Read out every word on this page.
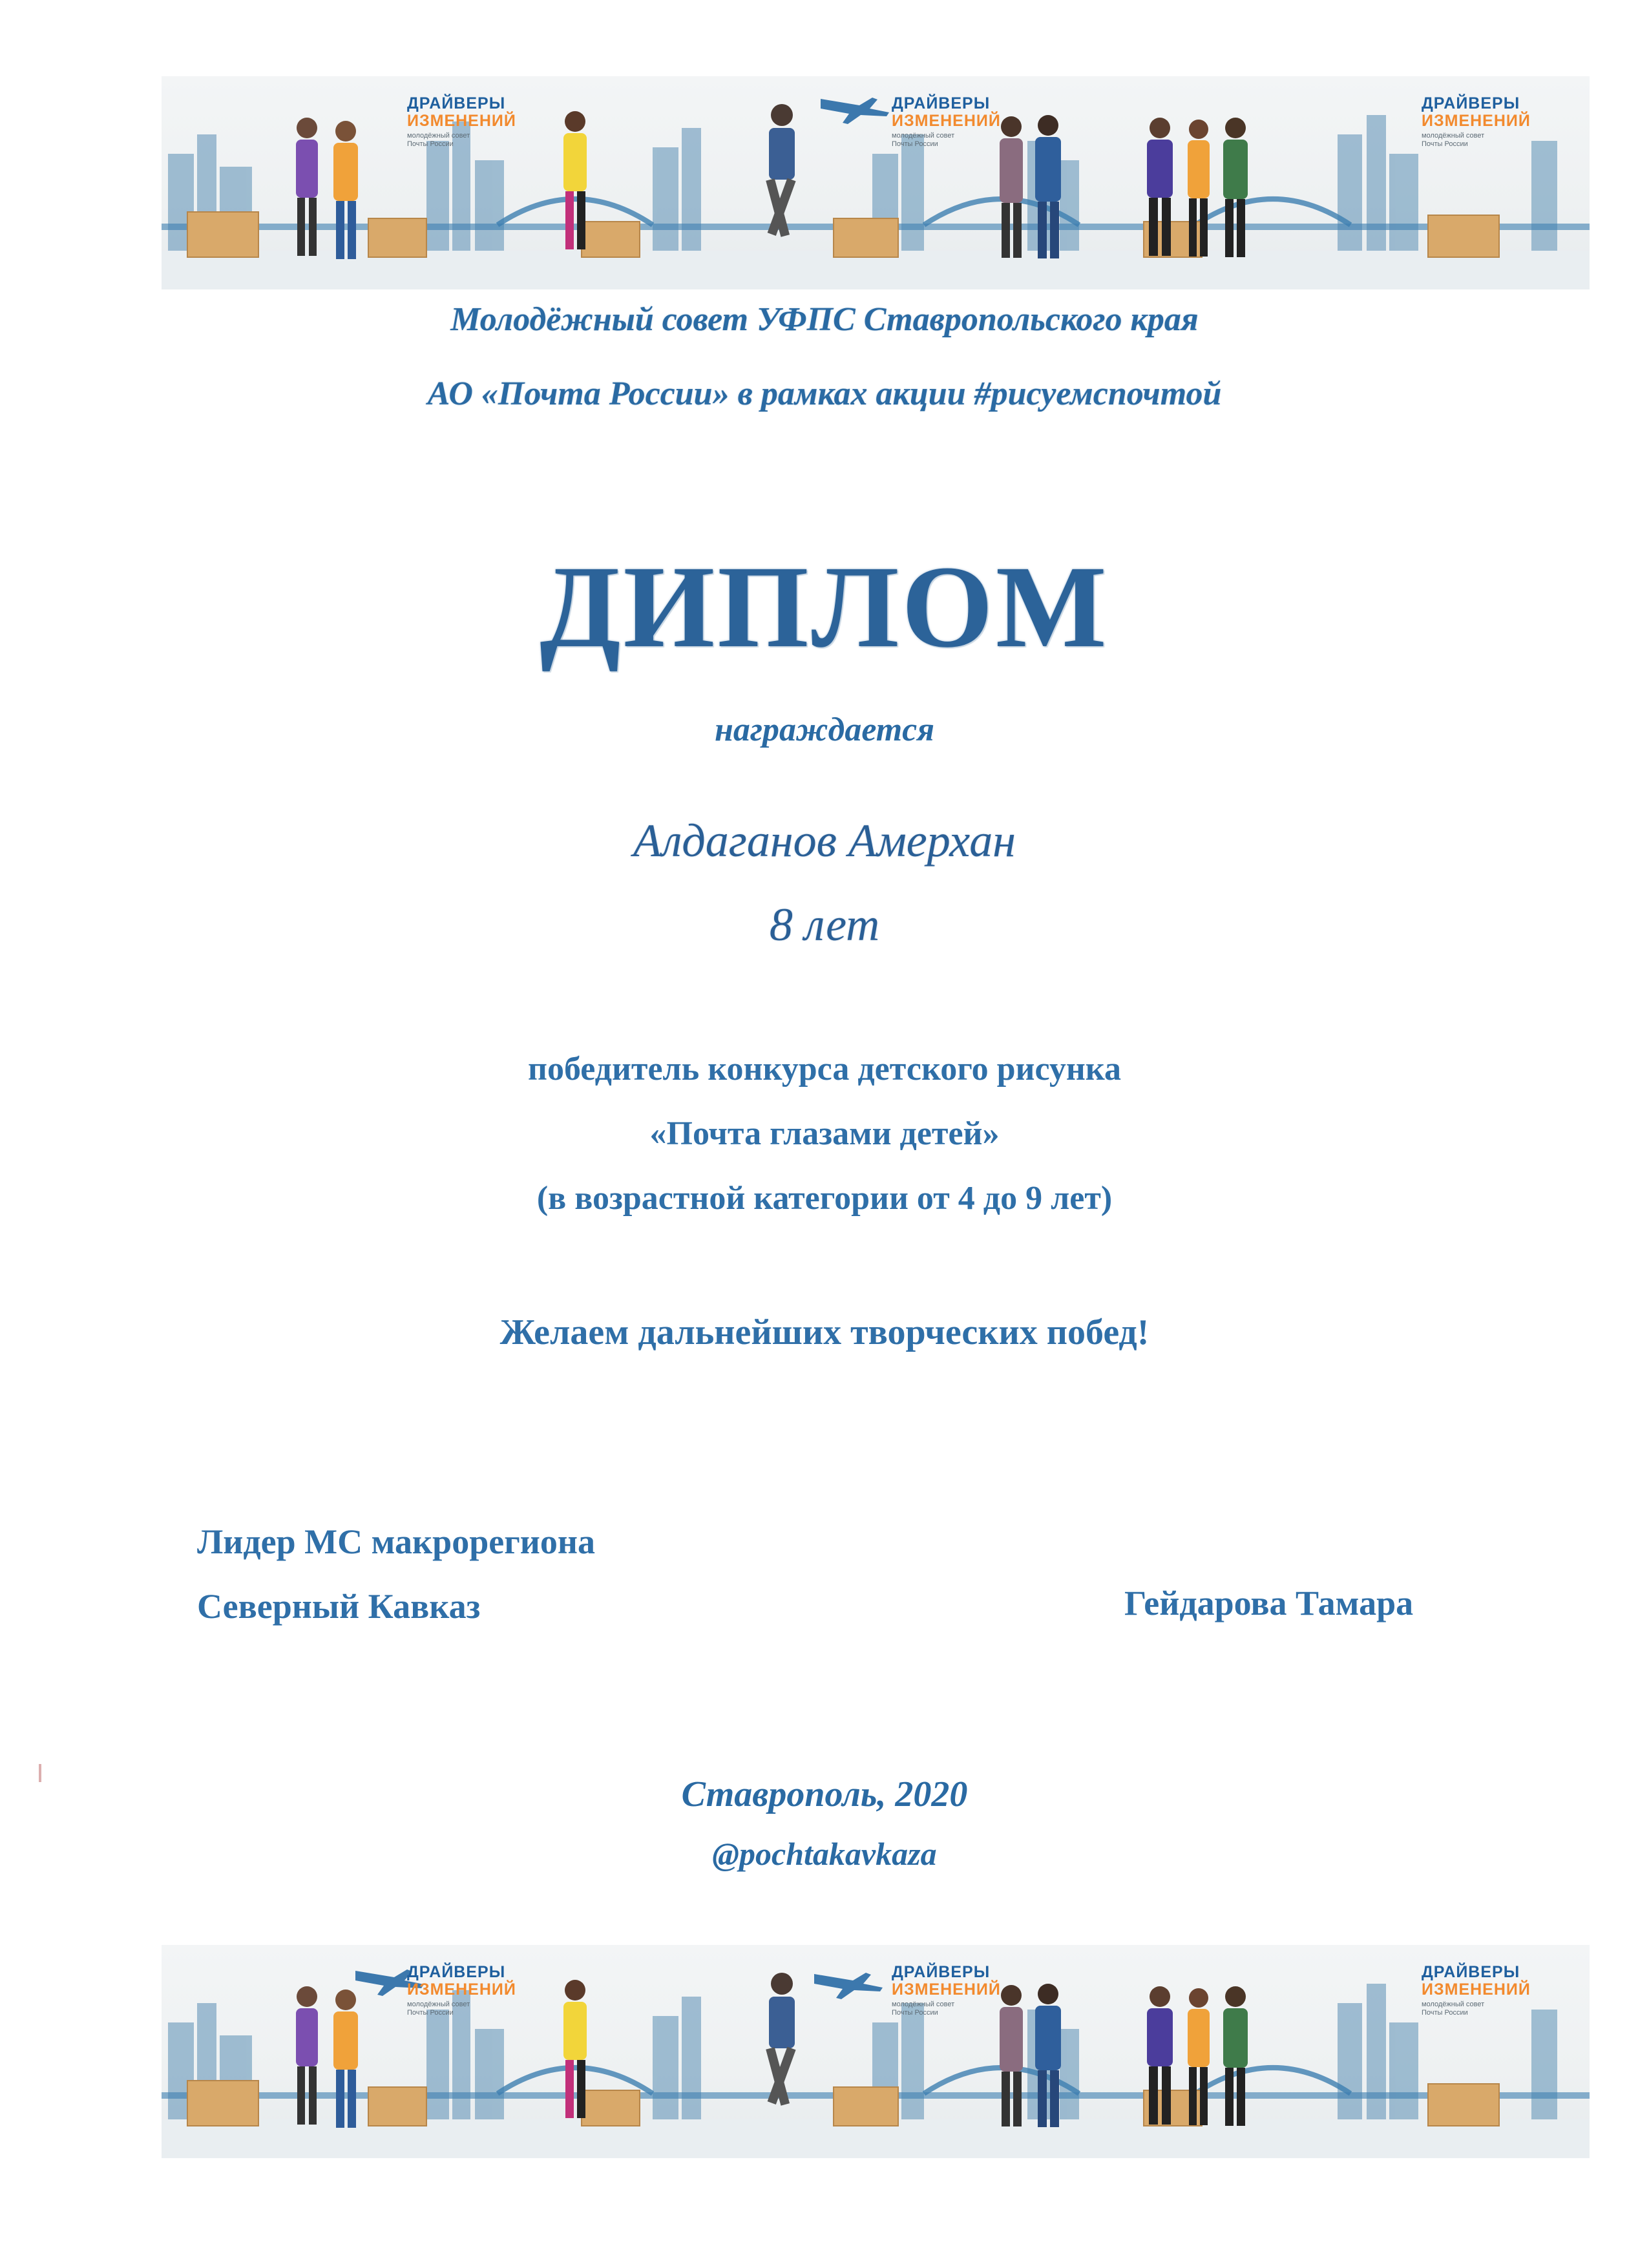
ДРАЙВЕРЫ
ИЗМЕНЕНИЙ
молодёжный совет
Почты России
ДРАЙВЕРЫ
ИЗМЕНЕНИЙ
молодёжный совет
Почты России
ДРАЙВЕРЫ
ИЗМЕНЕНИЙ
молодёжный совет
Почты России
Молодёжный совет УФПС Ставропольского края
АО «Почта России» в рамках акции #рисуемспочтой
ДИПЛОМ
награждается
Алдаганов Амерхан
8 лет
победитель конкурса детского рисунка
«Почта глазами детей»
(в возрастной категории от 4 до 9 лет)
Желаем дальнейших творческих побед!
Лидер МС макрорегиона
Северный Кавказ	Гейдарова Тамара
Ставрополь, 2020
@pochtakavkaza
ДРАЙВЕРЫ
ИЗМЕНЕНИЙ
молодёжный совет
Почты России
ДРАЙВЕРЫ
ИЗМЕНЕНИЙ
молодёжный совет
Почты России
ДРАЙВЕРЫ
ИЗМЕНЕНИЙ
молодёжный совет
Почты России
